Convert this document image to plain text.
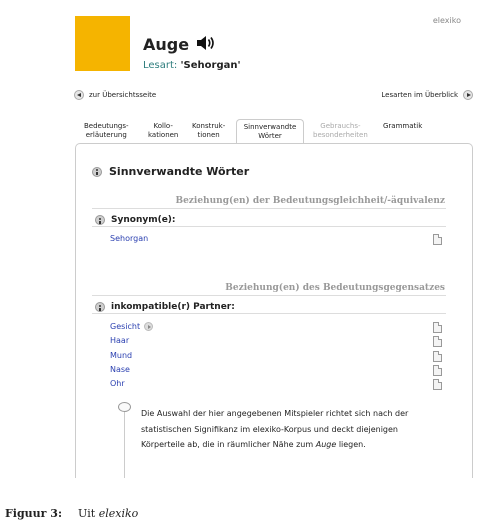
elexiko
Auge
Lesart: 'Sehorgan'
zur Übersichtsseite	Lesarten im Überblick
Bedeutungs-
erläuterung
Kollo-
kationen
Konstruk-
tionen
Sinnverwandte
Wörter
Gebrauchs-
besonderheiten
Grammatik
Sinnverwandte Wörter
Beziehung(en) der Bedeutungsgleichheit/-äquivalenz
Synonym(e):
Sehorgan
Beziehung(en) des Bedeutungsgegensatzes
inkompatible(r) Partner:
Gesicht
Haar
Mund
Nase
Ohr
Die Auswahl der hier angegebenen Mitspieler richtet sich nach der statistischen Signifikanz im elexiko-Korpus und deckt diejenigen Körperteile ab, die in räumlicher Nähe zum Auge liegen.
Figuur 3: Uit elexiko
